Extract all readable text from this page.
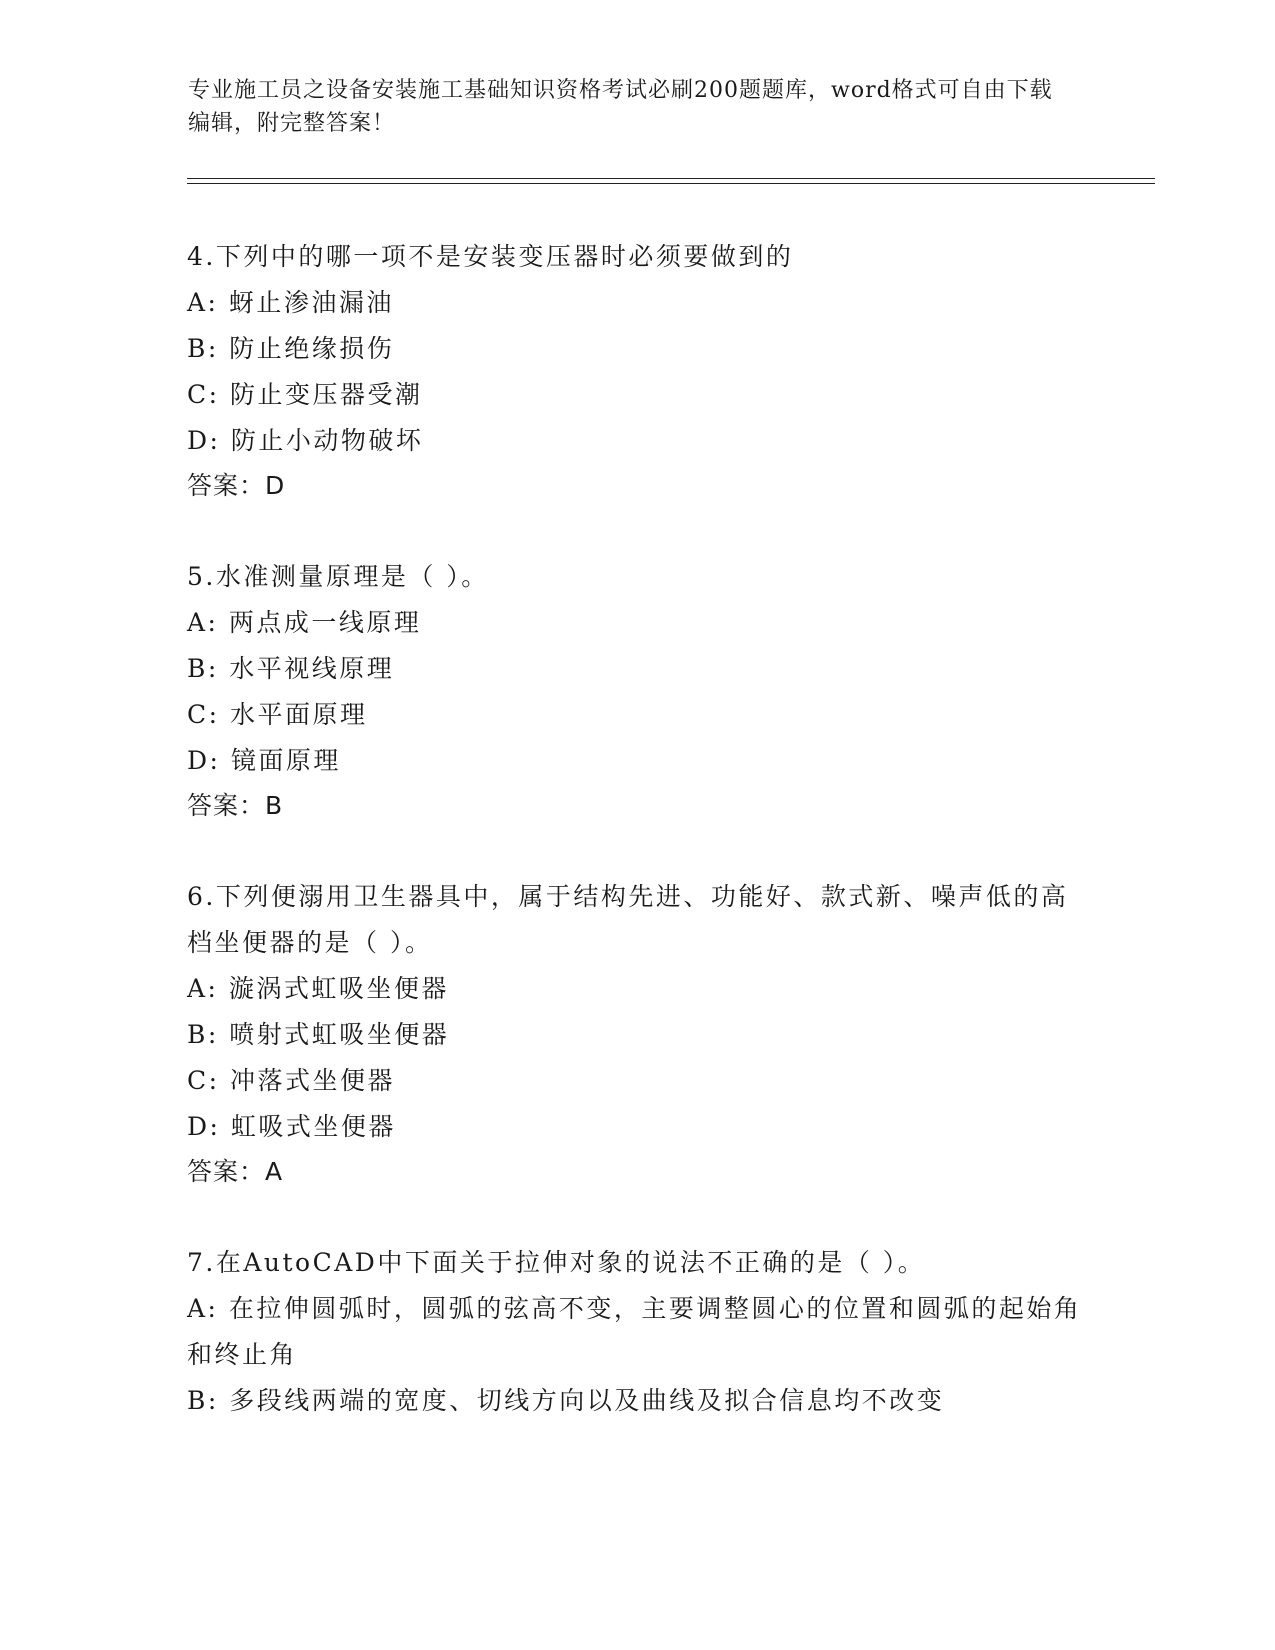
专业施工员之设备安装施工基础知识资格考试必刷200题题库，word格式可自由下载编辑，附完整答案！

4.下列中的哪一项不是安装变压器时必须要做到的

A: 蚜止渗油漏油

B: 防止绝缘损伤

C: 防止变压器受潮

D: 防止小动物破坏

答案：D

5.水准测量原理是（ ）。

A: 两点成一线原理

B: 水平视线原理

C: 水平面原理

D: 镜面原理

答案：B

6.下列便溺用卫生器具中，属于结构先进、功能好、款式新、噪声低的高档坐便器的是（ ）。

A: 漩涡式虹吸坐便器

B: 喷射式虹吸坐便器

C: 冲落式坐便器

D: 虹吸式坐便器

答案：A

7.在AutoCAD中下面关于拉伸对象的说法不正确的是（ ）。

A: 在拉伸圆弧时，圆弧的弦高不变，主要调整圆心的位置和圆弧的起始角和终止角

B: 多段线两端的宽度、切线方向以及曲线及拟合信息均不改变
